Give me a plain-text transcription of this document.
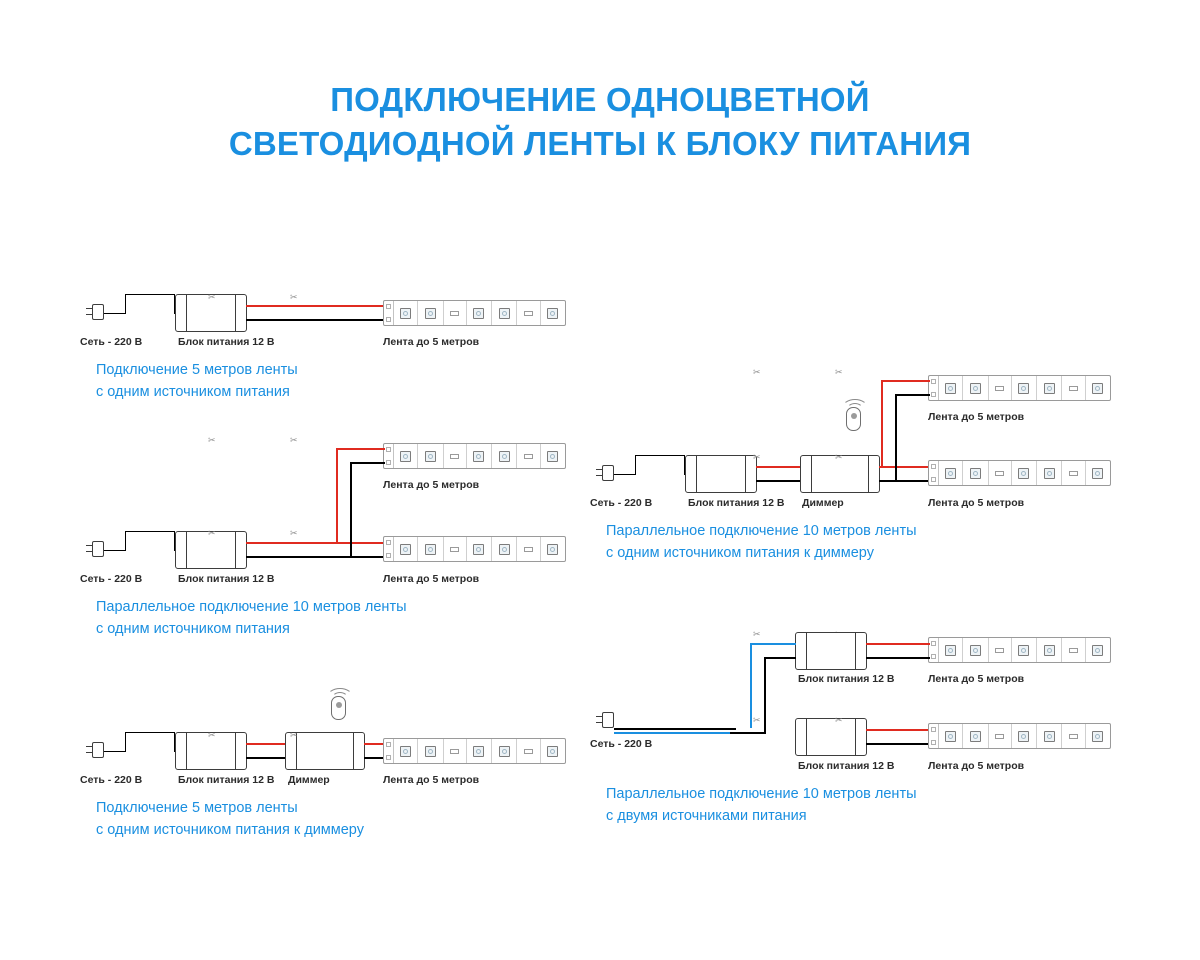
ПОДКЛЮЧЕНИЕ ОДНОЦВЕТНОЙ
СВЕТОДИОДНОЙ ЛЕНТЫ К БЛОКУ ПИТАНИЯ
✂	✂
Сеть - 220 В	Блок питания 12 В	Лента до 5 метров
Подключение 5 метров ленты
с одним источником питания
✂	✂
Лента до 5 метров
✂	✂
Сеть - 220 В	Блок питания 12 В	Лента до 5 метров
Параллельное подключение 10 метров ленты
с одним источником питания
✂	✂
Сеть - 220 В	Блок питания 12 В Диммер	Лента до 5 метров
Подключение 5 метров ленты
с одним источником питания к диммеру
✂	✂
Лента до 5 метров
✂	✂
Сеть - 220 В	Блок питания 12 В Диммер	Лента до 5 метров
Параллельное подключение 10 метров ленты
с одним источником питания к диммеру
✂
Лента до 5 метров
Блок питания 12 В
Блок питания 12 В
✂	✂
Сеть - 220 В
Лента до 5 метров
Параллельное подключение 10 метров ленты
с двумя источниками питания
